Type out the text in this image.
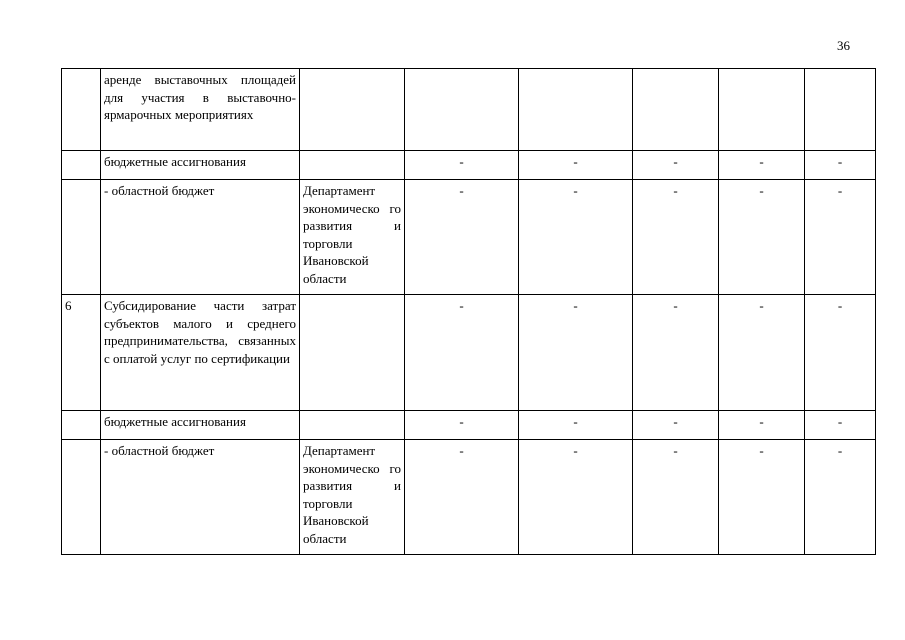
36
	аренде выставочных площадей для участия в выставочно-ярмарочных мероприятиях						
	бюджетные ассигнования		-	-	-	-	-
	- областной бюджет	Департамент экономическо го развития и торговли Ивановской области	-	-	-	-	-
6	Субсидирование части затрат субъектов малого и среднего предпринимательства, связанных с оплатой услуг по сертификации		-	-	-	-	-
	бюджетные ассигнования		-	-	-	-	-
	- областной бюджет	Департамент экономическо го развития и торговли Ивановской области	-	-	-	-	-
